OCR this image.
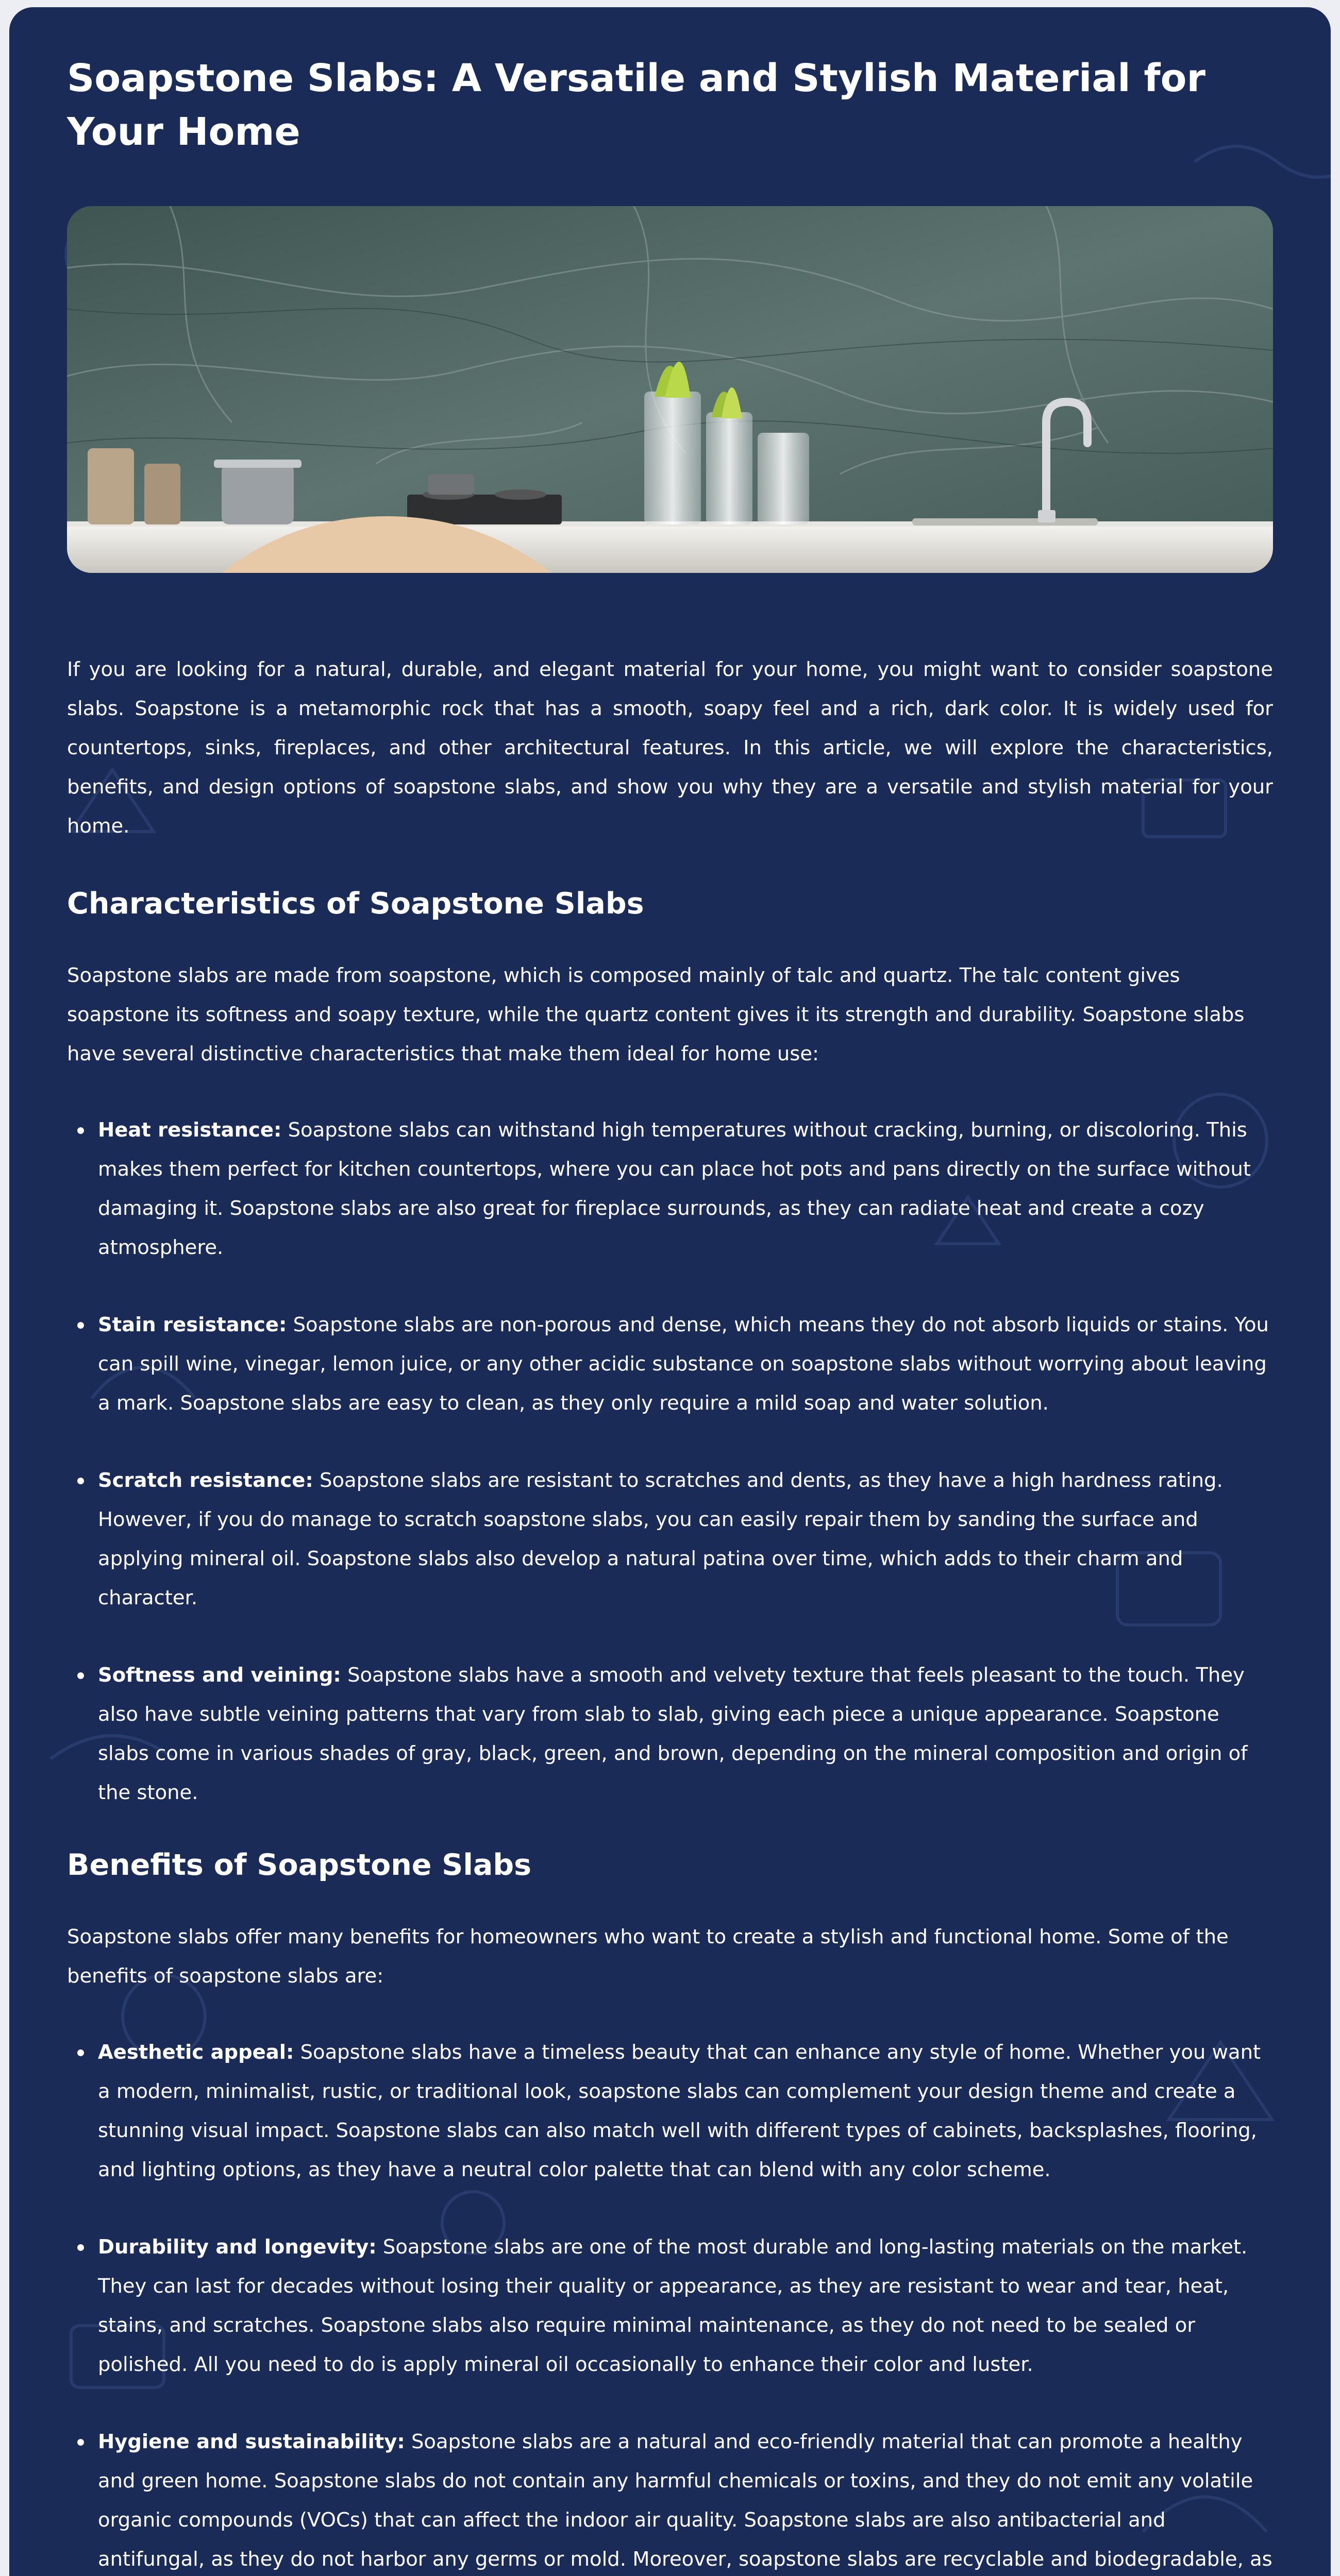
Soapstone Slabs: A Versatile and Stylish Material for Your Home

If you are looking for a natural, durable, and elegant material for your home, you might want to consider soapstone slabs. Soapstone is a metamorphic rock that has a smooth, soapy feel and a rich, dark color. It is widely used for countertops, sinks, fireplaces, and other architectural features. In this article, we will explore the characteristics, benefits, and design options of soapstone slabs, and show you why they are a versatile and stylish material for your home.

Characteristics of Soapstone Slabs

Soapstone slabs are made from soapstone, which is composed mainly of talc and quartz. The talc content gives soapstone its softness and soapy texture, while the quartz content gives it its strength and durability. Soapstone slabs have several distinctive characteristics that make them ideal for home use:

Heat resistance: Soapstone slabs can withstand high temperatures without cracking, burning, or discoloring. This makes them perfect for kitchen countertops, where you can place hot pots and pans directly on the surface without damaging it. Soapstone slabs are also great for fireplace surrounds, as they can radiate heat and create a cozy atmosphere.
Stain resistance: Soapstone slabs are non-porous and dense, which means they do not absorb liquids or stains. You can spill wine, vinegar, lemon juice, or any other acidic substance on soapstone slabs without worrying about leaving a mark. Soapstone slabs are easy to clean, as they only require a mild soap and water solution.
Scratch resistance: Soapstone slabs are resistant to scratches and dents, as they have a high hardness rating. However, if you do manage to scratch soapstone slabs, you can easily repair them by sanding the surface and applying mineral oil. Soapstone slabs also develop a natural patina over time, which adds to their charm and character.
Softness and veining: Soapstone slabs have a smooth and velvety texture that feels pleasant to the touch. They also have subtle veining patterns that vary from slab to slab, giving each piece a unique appearance. Soapstone slabs come in various shades of gray, black, green, and brown, depending on the mineral composition and origin of the stone.
Benefits of Soapstone Slabs

Soapstone slabs offer many benefits for homeowners who want to create a stylish and functional home. Some of the benefits of soapstone slabs are:

Aesthetic appeal: Soapstone slabs have a timeless beauty that can enhance any style of home. Whether you want a modern, minimalist, rustic, or traditional look, soapstone slabs can complement your design theme and create a stunning visual impact. Soapstone slabs can also match well with different types of cabinets, backsplashes, flooring, and lighting options, as they have a neutral color palette that can blend with any color scheme.
Durability and longevity: Soapstone slabs are one of the most durable and long-lasting materials on the market. They can last for decades without losing their quality or appearance, as they are resistant to wear and tear, heat, stains, and scratches. Soapstone slabs also require minimal maintenance, as they do not need to be sealed or polished. All you need to do is apply mineral oil occasionally to enhance their color and luster.
Hygiene and sustainability: Soapstone slabs are a natural and eco-friendly material that can promote a healthy and green home. Soapstone slabs do not contain any harmful chemicals or toxins, and they do not emit any volatile organic compounds (VOCs) that can affect the indoor air quality. Soapstone slabs are also antibacterial and antifungal, as they do not harbor any germs or mold. Moreover, soapstone slabs are recyclable and biodegradable, as
